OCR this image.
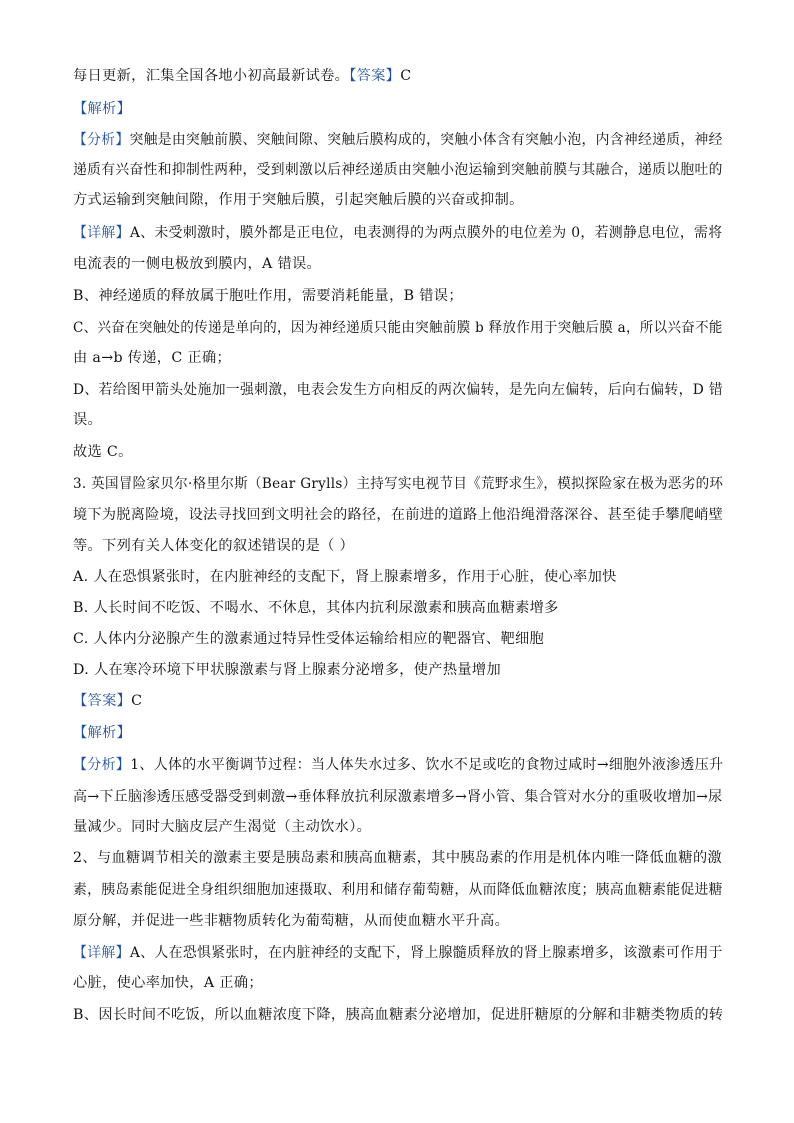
每日更新，汇集全国各地小初高最新试卷。【答案】C
【解析】
【分析】突触是由突触前膜、突触间隙、突触后膜构成的，突触小体含有突触小泡，内含神经递质，神经
递质有兴奋性和抑制性两种，受到刺激以后神经递质由突触小泡运输到突触前膜与其融合，递质以胞吐的
方式运输到突触间隙，作用于突触后膜，引起突触后膜的兴奋或抑制。
【详解】A、未受刺激时，膜外都是正电位，电表测得的为两点膜外的电位差为 0，若测静息电位，需将
电流表的一侧电极放到膜内，A 错误。
B、神经递质的释放属于胞吐作用，需要消耗能量，B 错误；
C、兴奋在突触处的传递是单向的，因为神经递质只能由突触前膜 b 释放作用于突触后膜 a，所以兴奋不能
由 a→b 传递，C 正确；
D、若给图甲箭头处施加一强刺激，电表会发生方向相反的两次偏转，是先向左偏转，后向右偏转，D 错
误。
故选 C。
3. 英国冒险家贝尔·格里尔斯（Bear Grylls）主持写实电视节目《荒野求生》，模拟探险家在极为恶劣的环
境下为脱离险境，设法寻找回到文明社会的路径，在前进的道路上他沿绳滑落深谷、甚至徒手攀爬峭壁
等。下列有关人体变化的叙述错误的是（ ）
A. 人在恐惧紧张时，在内脏神经的支配下，肾上腺素增多，作用于心脏，使心率加快
B. 人长时间不吃饭、不喝水、不休息，其体内抗利尿激素和胰高血糖素增多
C. 人体内分泌腺产生的激素通过特异性受体运输给相应的靶器官、靶细胞
D. 人在寒冷环境下甲状腺激素与肾上腺素分泌增多，使产热量增加
【答案】C
【解析】
【分析】1、人体的水平衡调节过程：当人体失水过多、饮水不足或吃的食物过咸时→细胞外液渗透压升
高→下丘脑渗透压感受器受到刺激→垂体释放抗利尿激素增多→肾小管、集合管对水分的重吸收增加→尿
量减少。同时大脑皮层产生渴觉（主动饮水）。
2、与血糖调节相关的激素主要是胰岛素和胰高血糖素，其中胰岛素的作用是机体内唯一降低血糖的激
素，胰岛素能促进全身组织细胞加速摄取、利用和储存葡萄糖，从而降低血糖浓度；胰高血糖素能促进糖
原分解，并促进一些非糖物质转化为葡萄糖，从而使血糖水平升高。
【详解】A、人在恐惧紧张时，在内脏神经的支配下，肾上腺髓质释放的肾上腺素增多，该激素可作用于
心脏，使心率加快，A 正确；
B、因长时间不吃饭，所以血糖浓度下降，胰高血糖素分泌增加，促进肝糖原的分解和非糖类物质的转
